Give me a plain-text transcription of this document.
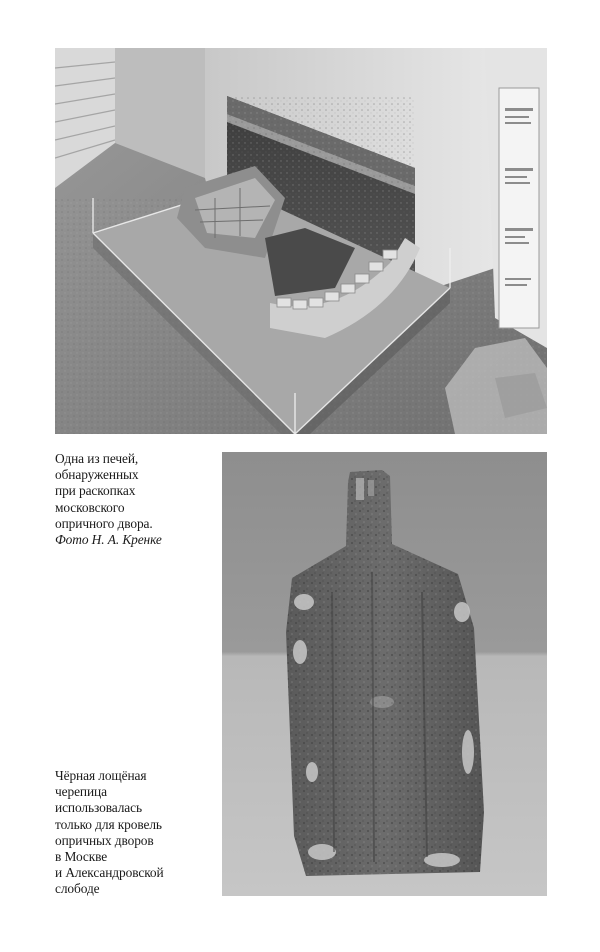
Одна из печей,
обнаруженных
при раскопках
московского
опричного двора.
Фото Н. А. Кренке
Чёрная лощёная
черепица
использовалась
только для кровель
опричных дворов
в Москве
и Александровской
слободе
